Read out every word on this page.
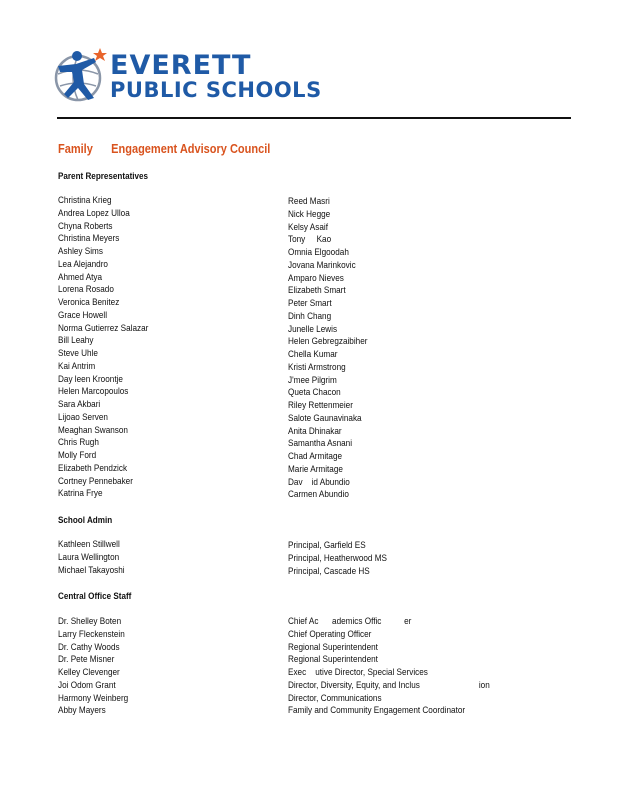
EVERETT
PUBLIC SCHOOLS
Family      Engagement Advisory Council
Parent Representatives
Christina Krieg
Andrea Lopez Ulloa
Chyna Roberts
Christina Meyers
Ashley Sims
Lea Alejandro
Ahmed Atya
Lorena Rosado
Veronica Benitez
Grace Howell
Norma Gutierrez Salazar
Bill Leahy
Steve Uhle
Kai Antrim
Day leen Kroontje
Helen Marcopoulos
Sara Akbari
Lijoao Serven
Meaghan Swanson
Chris Rugh
Molly Ford
Elizabeth Pendzick
Cortney Pennebaker
Katrina Frye
Reed Masri
Nick Hegge
Kelsy Asaif
Tony     Kao
Omnia Elgoodah
Jovana Marinkovic
Amparo Nieves
Elizabeth Smart
Peter Smart
Dinh Chang
Junelle Lewis
Helen Gebregzaibiher
Chella Kumar
Kristi Armstrong
J'mee Pilgrim
Queta Chacon
Riley Rettenmeier
Salote Gaunavinaka
Anita Dhinakar
Samantha Asnani
Chad Armitage
Marie Armitage
Dav    id Abundio
Carmen Abundio
School Admin
Kathleen Stillwell
Laura Wellington
Michael Takayoshi
Principal, Garfield ES
Principal, Heatherwood MS
Principal, Cascade HS
Central Office Staff
Dr. Shelley Boten
Larry Fleckenstein
Dr. Cathy Woods
Dr. Pete Misner
Kelley Clevenger
Joi Odom Grant
Harmony Weinberg
Abby Mayers
Chief Ac      ademics Offic          er
Chief Operating Officer
Regional Superintendent
Regional Superintendent
Exec    utive Director, Special Services
Director, Diversity, Equity, and Inclus                          ion
Director, Communications
Family and Community Engagement Coordinator
